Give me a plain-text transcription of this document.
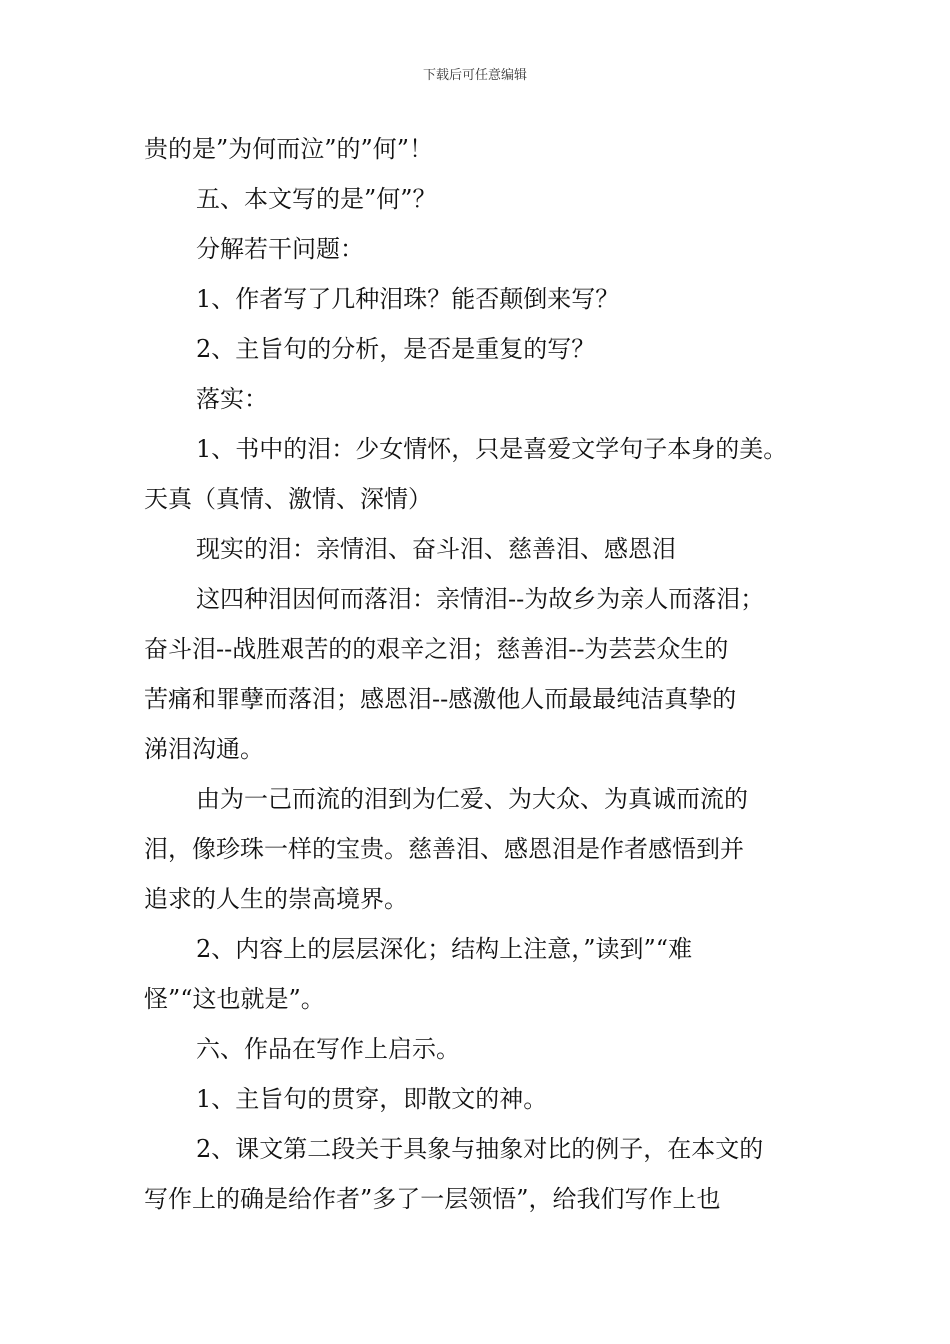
下载后可任意编辑
贵的是”为何而泣”的”何”！
五、本文写的是”何”？
分解若干问题：
1、作者写了几种泪珠？能否颠倒来写？
2、主旨句的分析，是否是重复的写？
落实：
1、书中的泪：少女情怀，只是喜爱文学句子本身的美。
天真（真情、激情、深情）
现实的泪：亲情泪、奋斗泪、慈善泪、感恩泪
这四种泪因何而落泪：亲情泪--为故乡为亲人而落泪；
奋斗泪--战胜艰苦的的艰辛之泪；慈善泪--为芸芸众生的
苦痛和罪孽而落泪；感恩泪--感激他人而最最纯洁真挚的
涕泪沟通。
由为一己而流的泪到为仁爱、为大众、为真诚而流的
泪，像珍珠一样的宝贵。慈善泪、感恩泪是作者感悟到并
追求的人生的崇高境界。
2、内容上的层层深化；结构上注意，”读到”“难
怪”“这也就是”。
六、作品在写作上启示。
1、主旨句的贯穿，即散文的神。
2、课文第二段关于具象与抽象对比的例子，在本文的
写作上的确是给作者”多了一层领悟”，给我们写作上也
